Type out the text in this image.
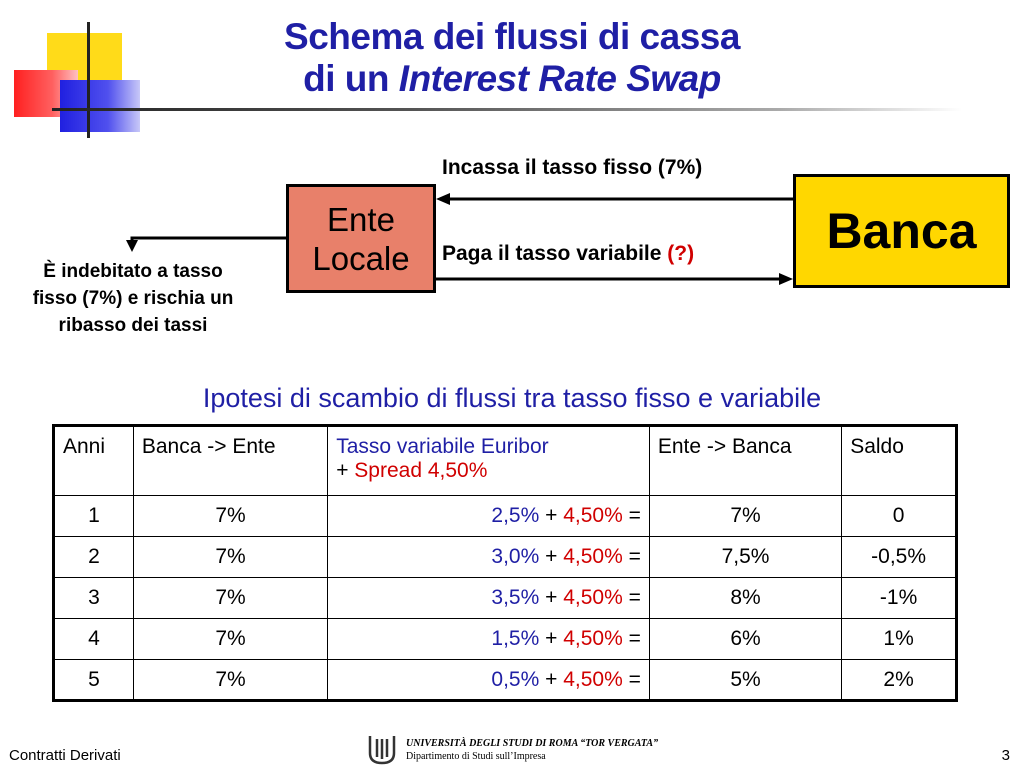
Schema dei flussi di cassa
di un Interest Rate Swap
Ente
Locale	Banca
Incassa il tasso fisso (7%)
Paga il tasso variabile (?)
È indebitato a tasso
fisso (7%) e rischia un
ribasso dei tassi
Ipotesi di scambio di flussi tra tasso fisso e variabile
Anni	Banca -> Ente	Tasso variabile Euribor
+ Spread 4,50%	Ente -> Banca	Saldo
1	7%	2,5% + 4,50% =	7%	0
2	7%	3,0% + 4,50% =	7,5%	-0,5%
3	7%	3,5% + 4,50% =	8%	-1%
4	7%	1,5% + 4,50% =	6%	1%
5	7%	0,5% + 4,50% =	5%	2%
Contratti Derivati
UNIVERSITÀ DEGLI STUDI DI ROMA “TOR VERGATA”
Dipartimento di Studi sull’Impresa	3
